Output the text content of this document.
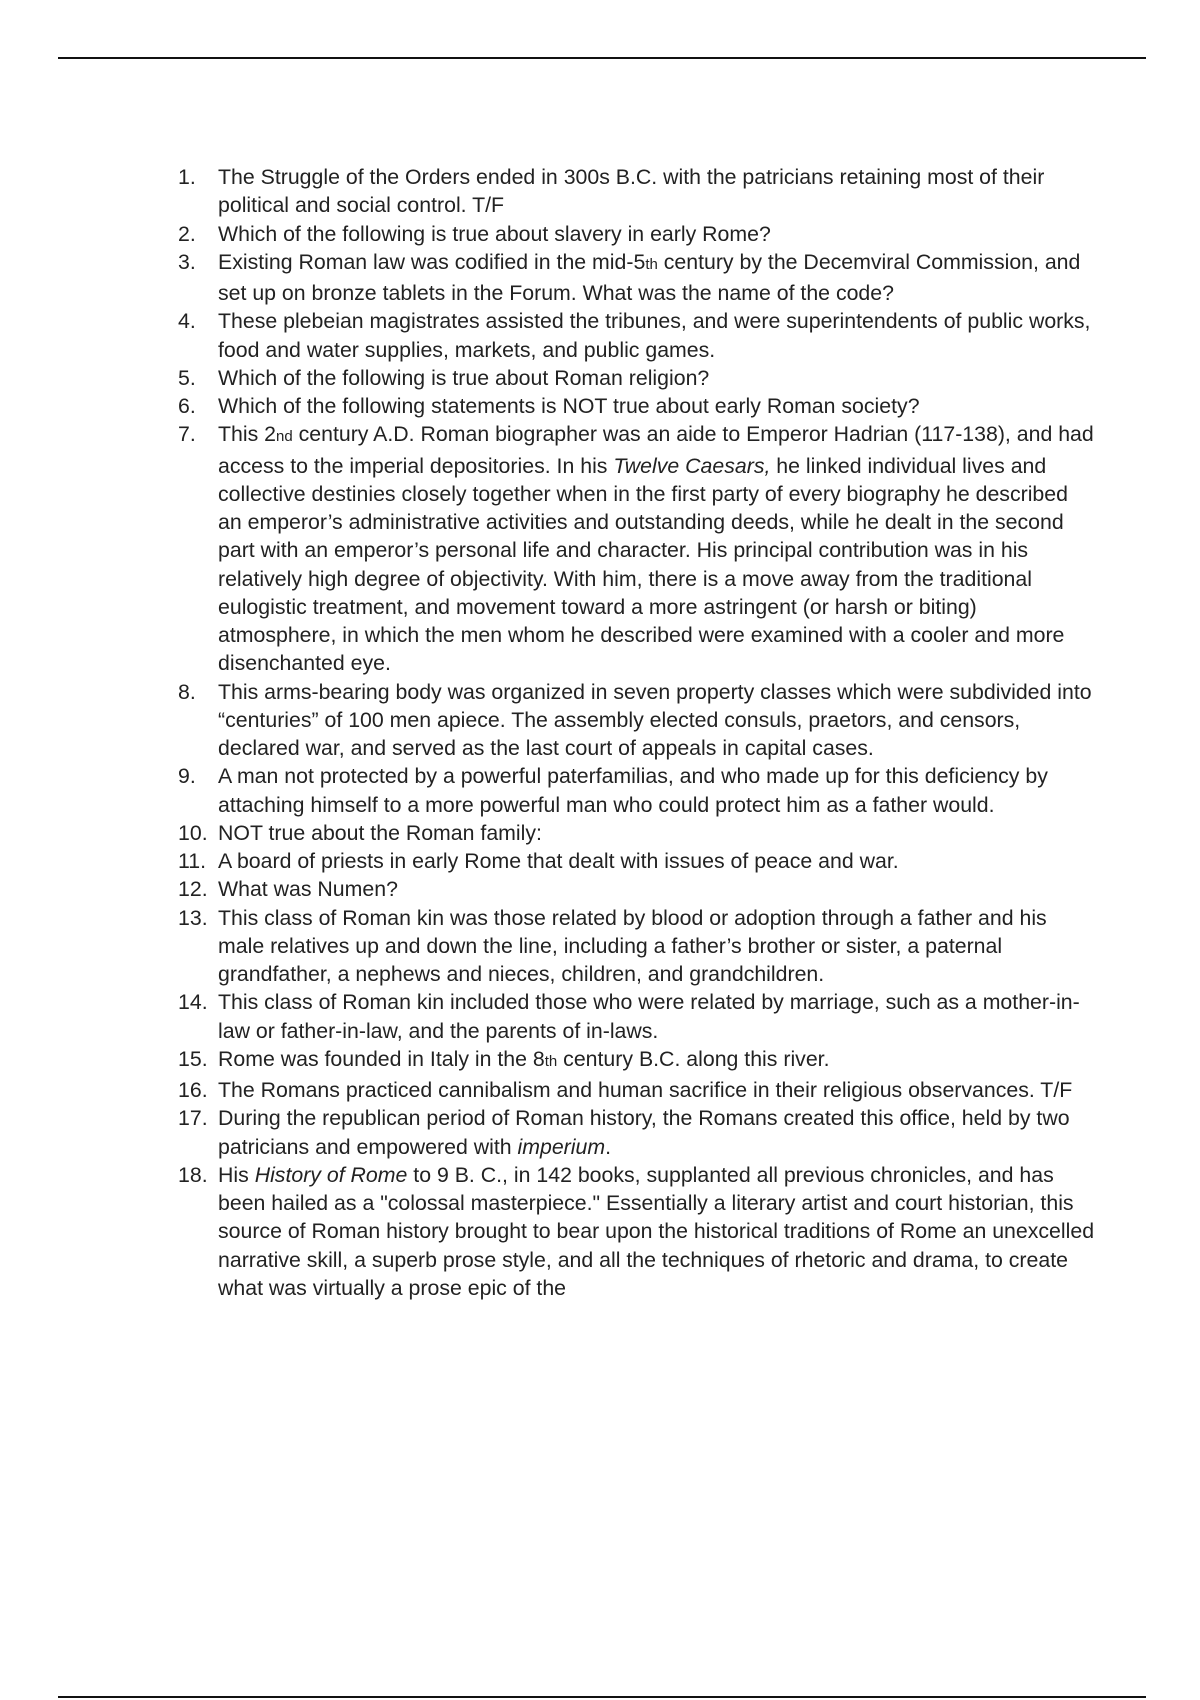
1. The Struggle of the Orders ended in 300s B.C. with the patricians retaining most of their political and social control. T/F
2. Which of the following is true about slavery in early Rome?
3. Existing Roman law was codified in the mid-5th century by the Decemviral Commission, and set up on bronze tablets in the Forum. What was the name of the code?
4. These plebeian magistrates assisted the tribunes, and were superintendents of public works, food and water supplies, markets, and public games.
5. Which of the following is true about Roman religion?
6. Which of the following statements is NOT true about early Roman society?
7. This 2nd century A.D. Roman biographer was an aide to Emperor Hadrian (117-138), and had access to the imperial depositories. In his Twelve Caesars, he linked individual lives and collective destinies closely together when in the first party of every biography he described an emperor’s administrative activities and outstanding deeds, while he dealt in the second part with an emperor’s personal life and character. His principal contribution was in his relatively high degree of objectivity. With him, there is a move away from the traditional eulogistic treatment, and movement toward a more astringent (or harsh or biting) atmosphere, in which the men whom he described were examined with a cooler and more disenchanted eye.
8. This arms-bearing body was organized in seven property classes which were subdivided into “centuries” of 100 men apiece. The assembly elected consuls, praetors, and censors, declared war, and served as the last court of appeals in capital cases.
9. A man not protected by a powerful paterfamilias, and who made up for this deficiency by attaching himself to a more powerful man who could protect him as a father would.
10. NOT true about the Roman family:
11. A board of priests in early Rome that dealt with issues of peace and war.
12. What was Numen?
13. This class of Roman kin was those related by blood or adoption through a father and his male relatives up and down the line, including a father’s brother or sister, a paternal grandfather, a nephews and nieces, children, and grandchildren.
14. This class of Roman kin included those who were related by marriage, such as a mother-in-law or father-in-law, and the parents of in-laws.
15. Rome was founded in Italy in the 8th century B.C. along this river.
16. The Romans practiced cannibalism and human sacrifice in their religious observances. T/F
17. During the republican period of Roman history, the Romans created this office, held by two patricians and empowered with imperium.
18. His History of Rome to 9 B. C., in 142 books, supplanted all previous chronicles, and has been hailed as a "colossal masterpiece." Essentially a literary artist and court historian, this source of Roman history brought to bear upon the historical traditions of Rome an unexcelled narrative skill, a superb prose style, and all the techniques of rhetoric and drama, to create what was virtually a prose epic of the
